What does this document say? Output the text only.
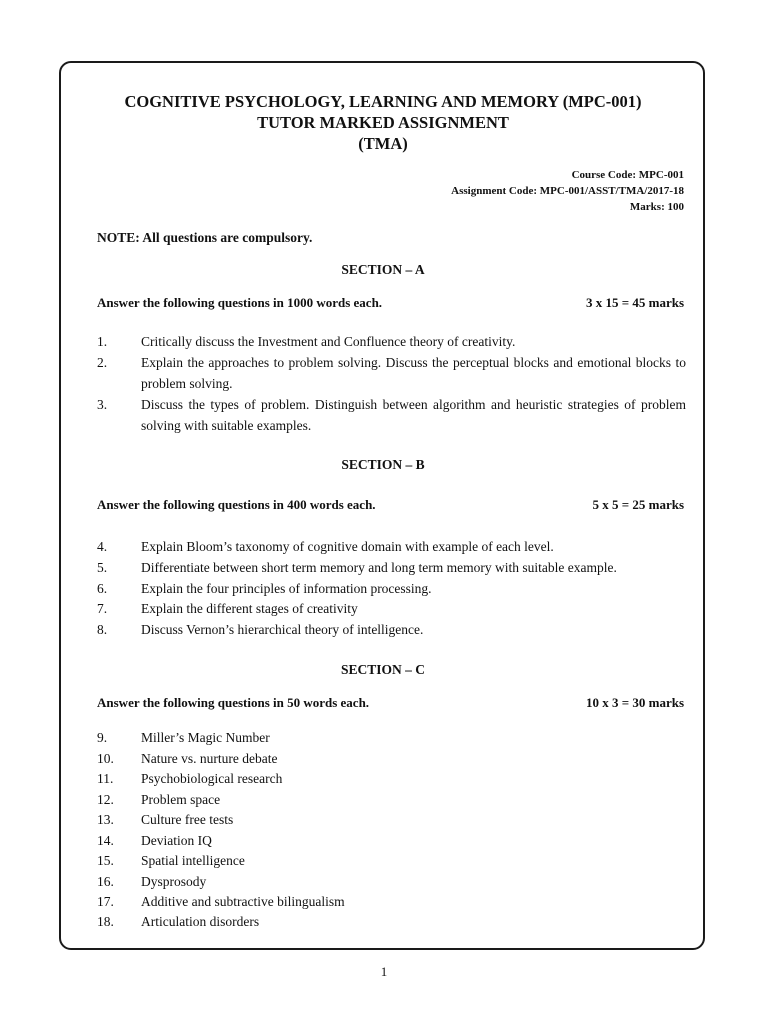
COGNITIVE PSYCHOLOGY, LEARNING AND MEMORY (MPC-001)
TUTOR MARKED ASSIGNMENT
(TMA)
Course Code: MPC-001
Assignment Code: MPC-001/ASST/TMA/2017-18
Marks: 100
NOTE: All questions are compulsory.
SECTION – A
Answer the following questions in 1000 words each.	3 x 15 = 45 marks
1.	Critically discuss the Investment and Confluence theory of creativity.
2.	Explain the approaches to problem solving. Discuss the perceptual blocks and emotional blocks to problem solving.
3.	Discuss the types of problem. Distinguish between algorithm and heuristic strategies of problem solving with suitable examples.
SECTION – B
Answer the following questions in 400 words each.	5 x 5 = 25 marks
4.	Explain Bloom’s taxonomy of cognitive domain with example of each level.
5.	Differentiate between short term memory and long term memory with suitable example.
6.	Explain the four principles of information processing.
7.	Explain the different stages of creativity
8.	Discuss Vernon’s hierarchical theory of intelligence.
SECTION – C
Answer the following questions in 50 words each.	10 x 3 = 30 marks
9.	Miller’s Magic Number
10. Nature vs. nurture debate
11. Psychobiological research
12. Problem space
13. Culture free tests
14. Deviation IQ
15. Spatial intelligence
16. Dysprosody
17. Additive and subtractive bilingualism
18. Articulation disorders
1
